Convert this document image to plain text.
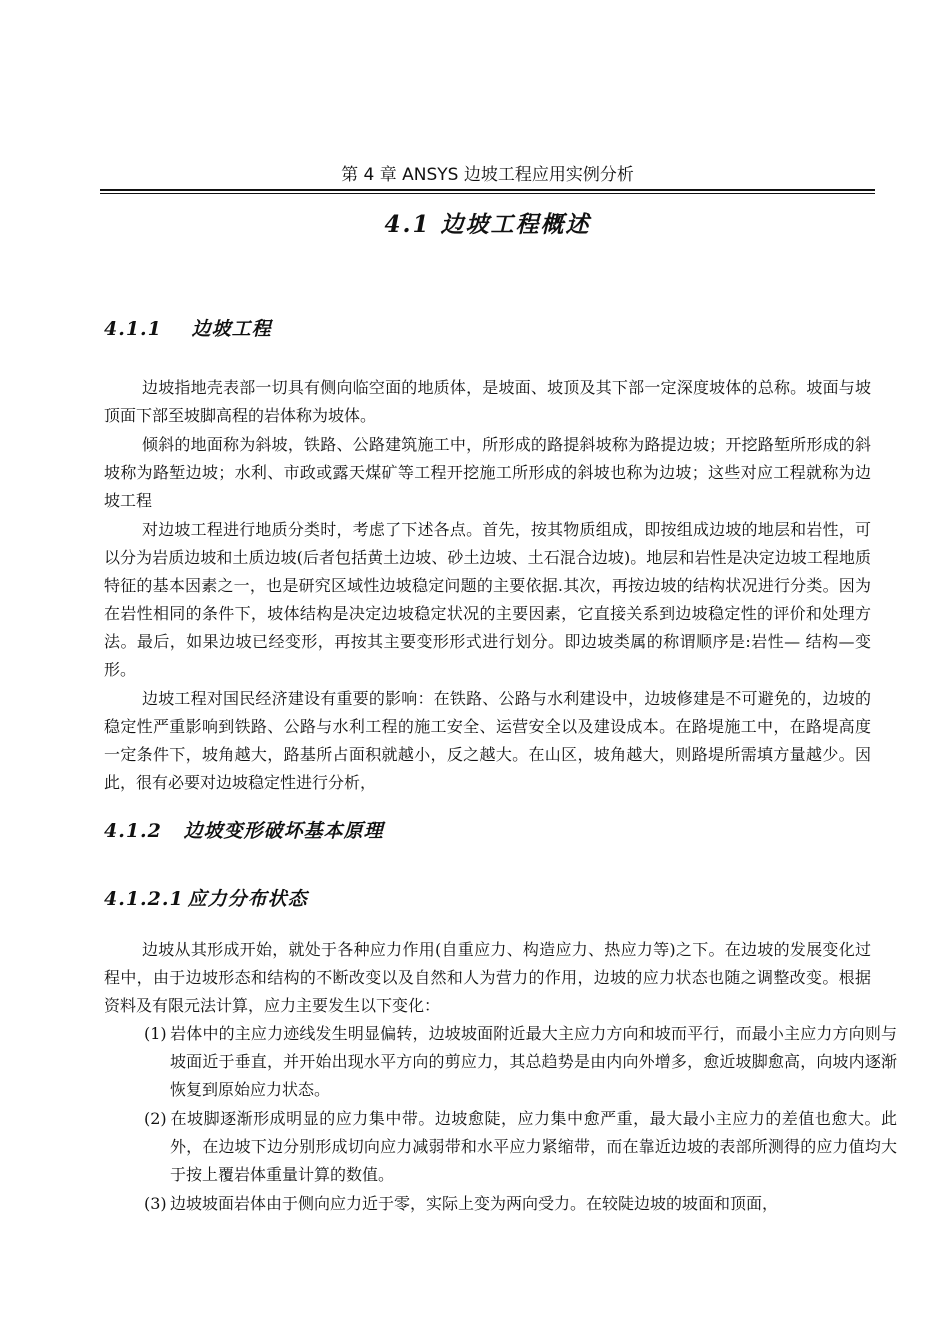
第 4 章 ANSYS 边坡工程应用实例分析
4.1 边坡工程概述
4.1.1 边坡工程

边坡指地壳表部一切具有侧向临空面的地质体，是坡面、坡顶及其下部一定深度坡体的总称。坡面与坡顶面下部至坡脚高程的岩体称为坡体。

倾斜的地面称为斜坡，铁路、公路建筑施工中，所形成的路提斜坡称为路提边坡；开挖路堑所形成的斜坡称为路堑边坡；水利、市政或露天煤矿等工程开挖施工所形成的斜坡也称为边坡；这些对应工程就称为边坡工程

对边坡工程进行地质分类时，考虑了下述各点。首先，按其物质组成，即按组成边坡的地层和岩性，可以分为岩质边坡和土质边坡(后者包括黄土边坡、砂土边坡、土石混合边坡)。地层和岩性是决定边坡工程地质特征的基本因素之一，也是研究区域性边坡稳定问题的主要依据.其次，再按边坡的结构状况进行分类。因为在岩性相同的条件下，坡体结构是决定边坡稳定状况的主要因素，它直接关系到边坡稳定性的评价和处理方法。最后，如果边坡已经变形，再按其主要变形形式进行划分。即边坡类属的称谓顺序是:岩性— 结构—变形。

边坡工程对国民经济建设有重要的影响：在铁路、公路与水利建设中，边坡修建是不可避免的，边坡的稳定性严重影响到铁路、公路与水利工程的施工安全、运营安全以及建设成本。在路堤施工中，在路堤高度一定条件下，坡角越大，路基所占面积就越小，反之越大。在山区，坡角越大，则路堤所需填方量越少。因此，很有必要对边坡稳定性进行分析，

4.1.2 边坡变形破坏基本原理
4.1.2.1 应力分布状态

边坡从其形成开始，就处于各种应力作用(自重应力、构造应力、热应力等)之下。在边坡的发展变化过程中，由于边坡形态和结构的不断改变以及自然和人为营力的作用，边坡的应力状态也随之调整改变。根据资料及有限元法计算，应力主要发生以下变化：

(1) 岩体中的主应力迹线发生明显偏转，边坡坡面附近最大主应力方向和坡而平行，而最小主应力方向则与坡面近于垂直，并开始出现水平方向的剪应力，其总趋势是由内向外增多，愈近坡脚愈高，向坡内逐渐恢复到原始应力状态。

(2) 在坡脚逐渐形成明显的应力集中带。边坡愈陡，应力集中愈严重，最大最小主应力的差值也愈大。此外，在边坡下边分别形成切向应力减弱带和水平应力紧缩带，而在靠近边坡的表部所测得的应力值均大于按上覆岩体重量计算的数值。

(3) 边坡坡面岩体由于侧向应力近于零，实际上变为两向受力。在较陡边坡的坡面和顶面，
